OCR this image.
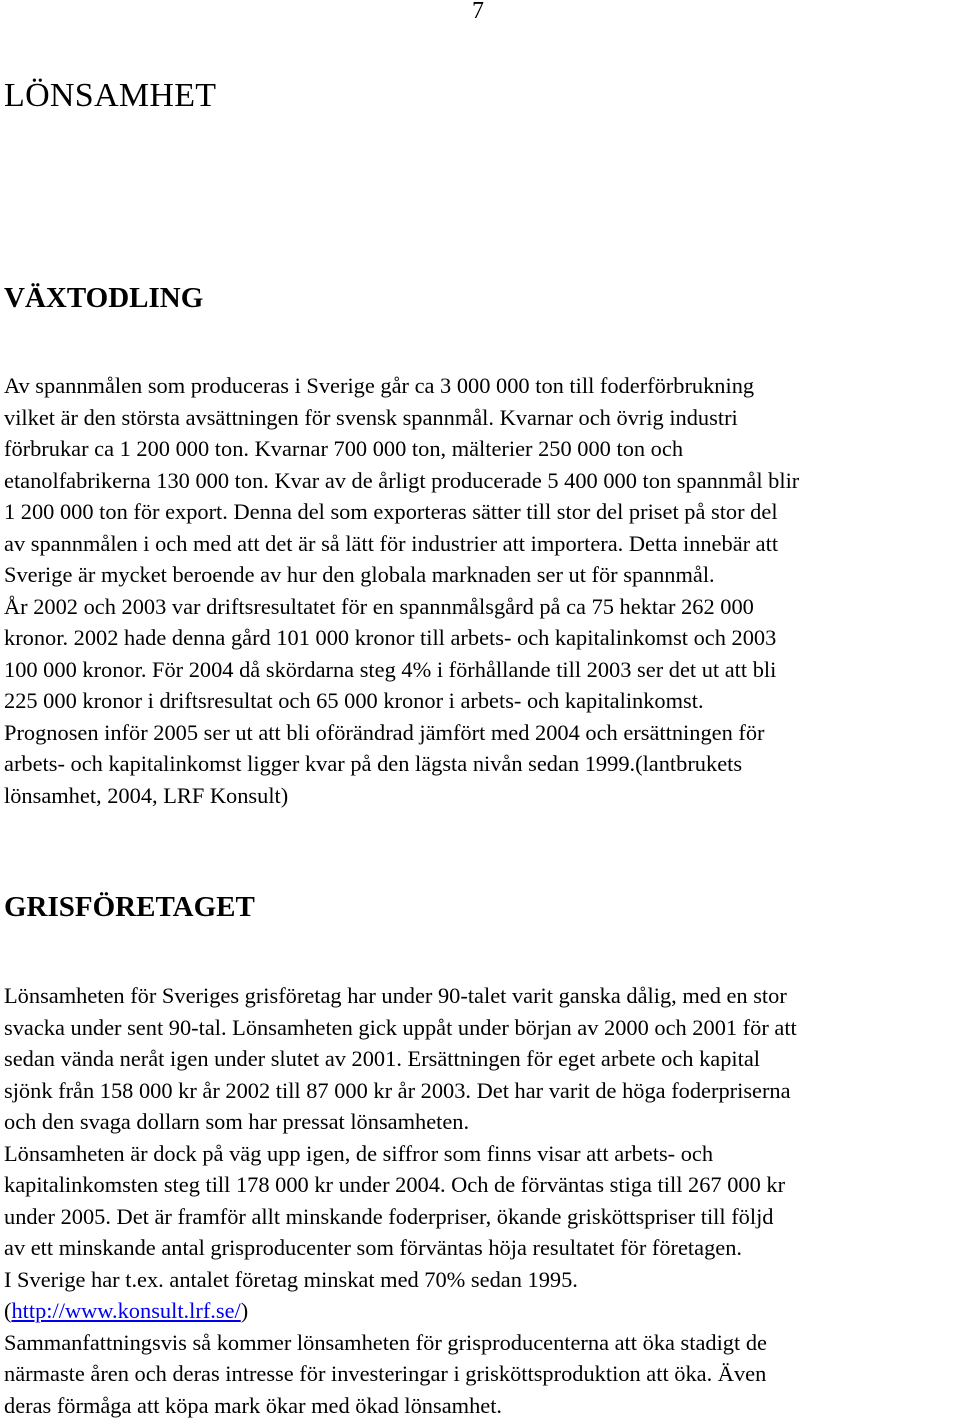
7
LÖNSAMHET
VÄXTODLING
Av spannmålen som produceras i Sverige går ca 3 000 000 ton till foderförbrukning
vilket är den största avsättningen för svensk spannmål. Kvarnar och övrig industri
förbrukar ca 1 200 000 ton. Kvarnar 700 000 ton, mälterier 250 000 ton och
etanolfabrikerna 130 000 ton. Kvar av de årligt producerade 5 400 000 ton spannmål blir
1 200 000 ton för export. Denna del som exporteras sätter till stor del priset på stor del
av spannmålen i och med att det är så lätt för industrier att importera. Detta innebär att
Sverige är mycket beroende av hur den globala marknaden ser ut för spannmål.
År 2002 och 2003 var driftsresultatet för en spannmålsgård på ca 75 hektar 262 000
kronor. 2002 hade denna gård 101 000 kronor till arbets- och kapitalinkomst och 2003
100 000 kronor. För 2004 då skördarna steg 4% i förhållande till 2003 ser det ut att bli
225 000 kronor i driftsresultat och 65 000 kronor i arbets- och kapitalinkomst.
Prognosen inför 2005 ser ut att bli oförändrad jämfört med 2004 och ersättningen för
arbets- och kapitalinkomst ligger kvar på den lägsta nivån sedan 1999.(lantbrukets
lönsamhet, 2004, LRF Konsult)
GRISFÖRETAGET
Lönsamheten för Sveriges grisföretag har under 90-talet varit ganska dålig, med en stor
svacka under sent 90-tal. Lönsamheten gick uppåt under början av 2000 och 2001 för att
sedan vända neråt igen under slutet av 2001. Ersättningen för eget arbete och kapital
sjönk från 158 000 kr år 2002 till 87 000 kr år 2003. Det har varit de höga foderpriserna
och den svaga dollarn som har pressat lönsamheten.
Lönsamheten är dock på väg upp igen, de siffror som finns visar att arbets- och
kapitalinkomsten steg till 178 000 kr under 2004. Och de förväntas stiga till 267 000 kr
under 2005. Det är framför allt minskande foderpriser, ökande grisköttspriser till följd
av ett minskande antal grisproducenter som förväntas höja resultatet för företagen.
I Sverige har t.ex. antalet företag minskat med 70% sedan 1995.
(http://www.konsult.lrf.se/)
Sammanfattningsvis så kommer lönsamheten för grisproducenterna att öka stadigt de
närmaste åren och deras intresse för investeringar i grisköttsproduktion att öka. Även
deras förmåga att köpa mark ökar med ökad lönsamhet.
